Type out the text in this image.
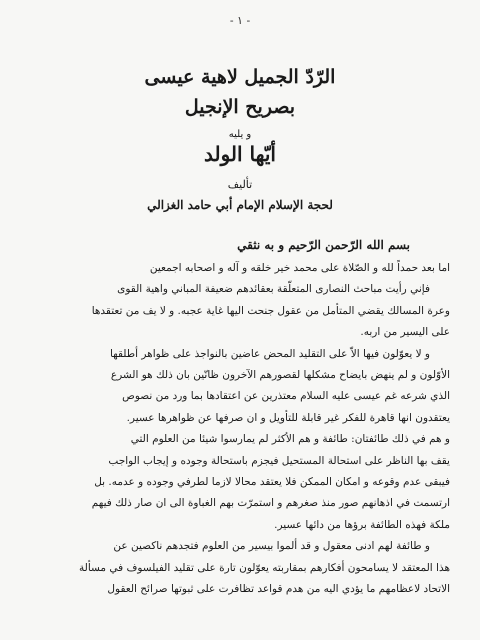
- ١ -
الرّدّ الجميل لاهية عيسى
بصريح الإنجيل
و يليه
أيّها الولد
تأليف
لحجة الإسلام الإمام أبي حامد الغزالي
بسم الله الرّحمن الرّحيم و به نثقي

اما بعد حمداً لله و الصّلاة على محمد خير خلقه و آله و اصحابه اجمعين

فإني رأيت مباحث النصارى المتعلّقة بعقائدهم ضعيفة المباني واهية القوى

وعرة المسالك يقضي المتأمل من عقول جنحت اليها غاية عجبه. و لا يف من تعتقدها

على اليسير من اربه.

و لا يعوّلون فيها الاّ على التقليد المحض عاضين بالنواجذ على ظواهر أطلقها

الأوّلون و لم ينهض بايضاح مشكلها لقصورهم الآخرون ظانّين بان ذلك هو الشرع

الذي شرعه غم عيسى عليه السلام معتذرين عن اعتقادها بما ورد من نصوص

يعتقدون انها قاهرة للفكر غير قابلة للتأويل و ان صرفها عن ظواهرها عسير.

و هم في ذلك طائفتان: طائفة و هم الأكثر لم يمارسوا شيئا من العلوم التي

يقف بها الناظر على استحالة المستحيل فيجزم باستحالة وجوده و إيجاب الواجب

فيبقى عدم وقوعه و امكان الممكن فلا يعتقد محالا لازما لطرفي وجوده و عدمه. بل

ارتسمت في اذهانهم صور منذ صغرهم و استمرّت بهم الغباوة الى ان صار ذلك فيهم

ملكة فهذه الطائفة برؤها من دائها عسير.

و طائفة لهم ادنى معقول و قد ألموا بيسير من العلوم فتجدهم ناكصين عن

هذا المعتقد لا يسامحون أفكارهم بمقاربته يعوّلون تارة على تقليد الفيلسوف في مسألة

الاتحاد لاعظامهم ما يؤدي اليه من هدم قواعد تظافرت على ثبوتها صرائح العقول
